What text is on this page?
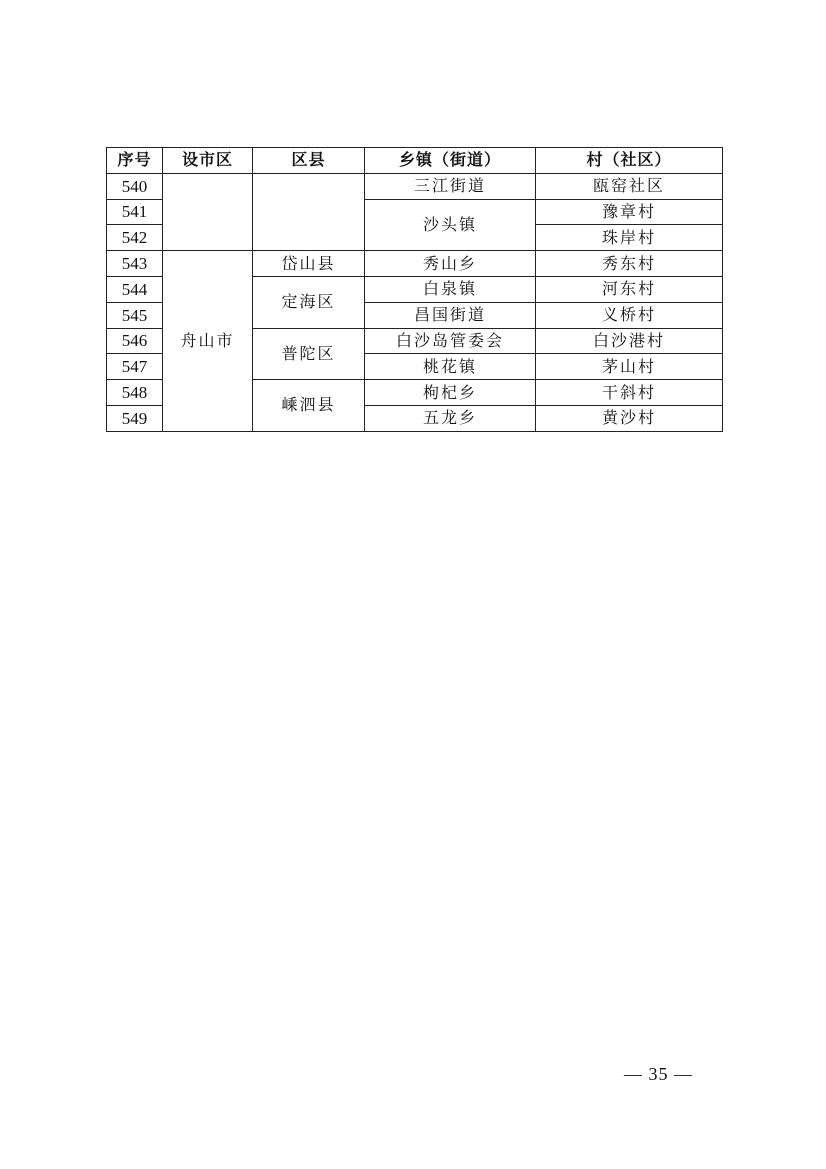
序号	设市区	区县	乡镇（街道）	村（社区）
540			三江街道	瓯窑社区
541			沙头镇	豫章村
542				珠岸村
543	舟山市	岱山县	秀山乡	秀东村
544		定海区	白泉镇	河东村
545			昌国街道	义桥村
546		普陀区	白沙岛管委会	白沙港村
547			桃花镇	茅山村
548		嵊泗县	枸杞乡	干斜村
549			五龙乡	黄沙村
— 35 —
